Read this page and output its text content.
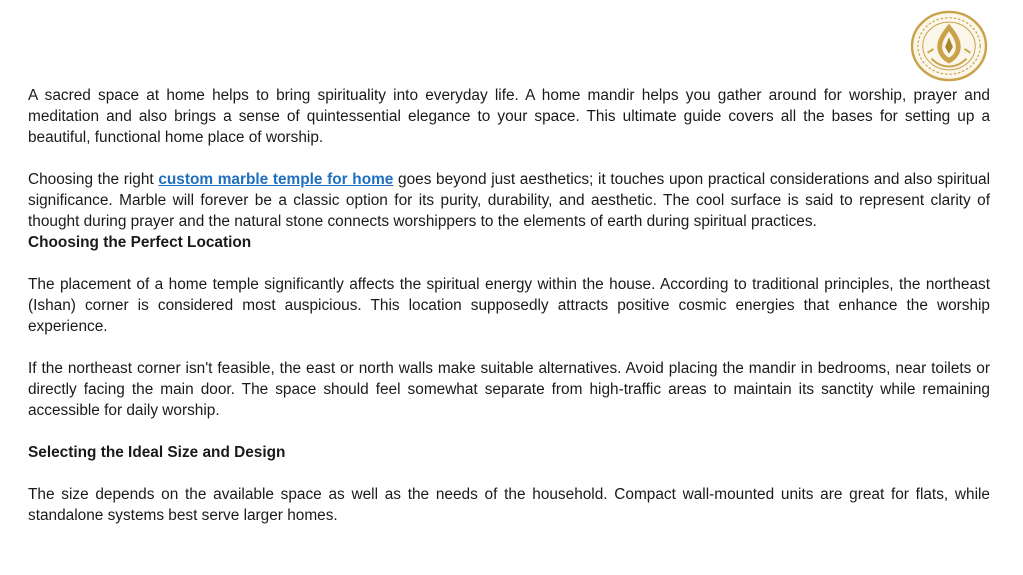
A sacred space at home helps to bring spirituality into everyday life. A home mandir helps you gather around for worship, prayer and meditation and also brings a sense of quintessential elegance to your space. This ultimate guide covers all the bases for setting up a beautiful, functional home place of worship.

Choosing the right custom marble temple for home goes beyond just aesthetics; it touches upon practical considerations and also spiritual significance. Marble will forever be a classic option for its purity, durability, and aesthetic. The cool surface is said to represent clarity of thought during prayer and the natural stone connects worshippers to the elements of earth during spiritual practices.

Choosing the Perfect Location

The placement of a home temple significantly affects the spiritual energy within the house. According to traditional principles, the northeast (Ishan) corner is considered most auspicious. This location supposedly attracts positive cosmic energies that enhance the worship experience.

If the northeast corner isn't feasible, the east or north walls make suitable alternatives. Avoid placing the mandir in bedrooms, near toilets or directly facing the main door. The space should feel somewhat separate from high-traffic areas to maintain its sanctity while remaining accessible for daily worship.

Selecting the Ideal Size and Design

The size depends on the available space as well as the needs of the household. Compact wall-mounted units are great for flats, while standalone systems best serve larger homes.
